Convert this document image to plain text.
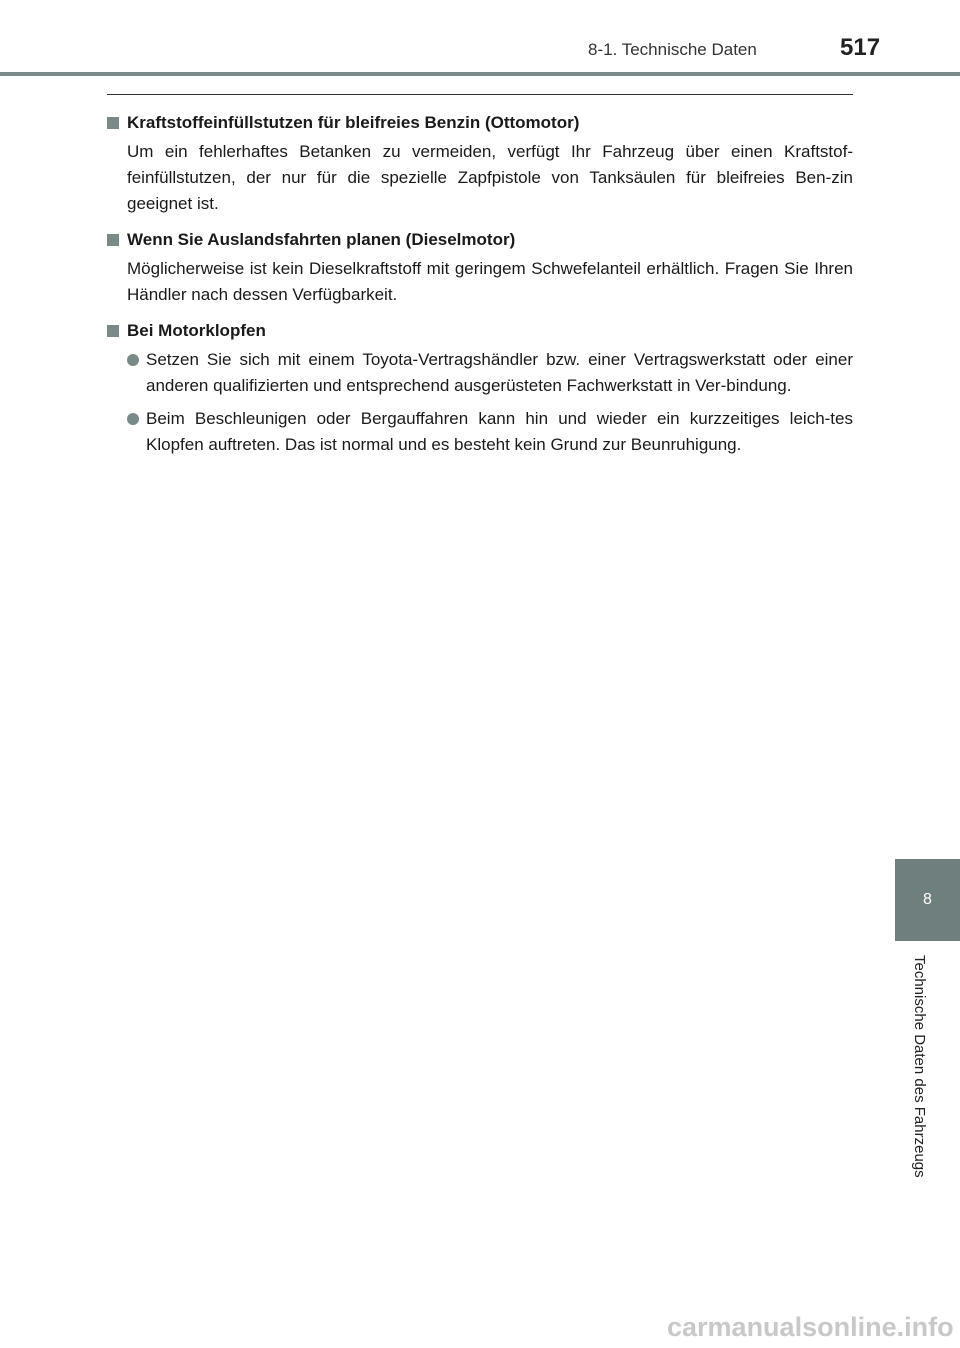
8-1. Technische Daten	517
Kraftstoffeinfüllstutzen für bleifreies Benzin (Ottomotor)
Um ein fehlerhaftes Betanken zu vermeiden, verfügt Ihr Fahrzeug über einen Kraftstof-feinfüllstutzen, der nur für die spezielle Zapfpistole von Tanksäulen für bleifreies Ben-zin geeignet ist.
Wenn Sie Auslandsfahrten planen (Dieselmotor)
Möglicherweise ist kein Dieselkraftstoff mit geringem Schwefelanteil erhältlich. Fragen Sie Ihren Händler nach dessen Verfügbarkeit.
Bei Motorklopfen
Setzen Sie sich mit einem Toyota-Vertragshändler bzw. einer Vertragswerkstatt oder einer anderen qualifizierten und entsprechend ausgerüsteten Fachwerkstatt in Ver-bindung.
Beim Beschleunigen oder Bergauffahren kann hin und wieder ein kurzzeitiges leich-tes Klopfen auftreten. Das ist normal und es besteht kein Grund zur Beunruhigung.
8
Technische Daten des Fahrzeugs
carmanualsonline.info
